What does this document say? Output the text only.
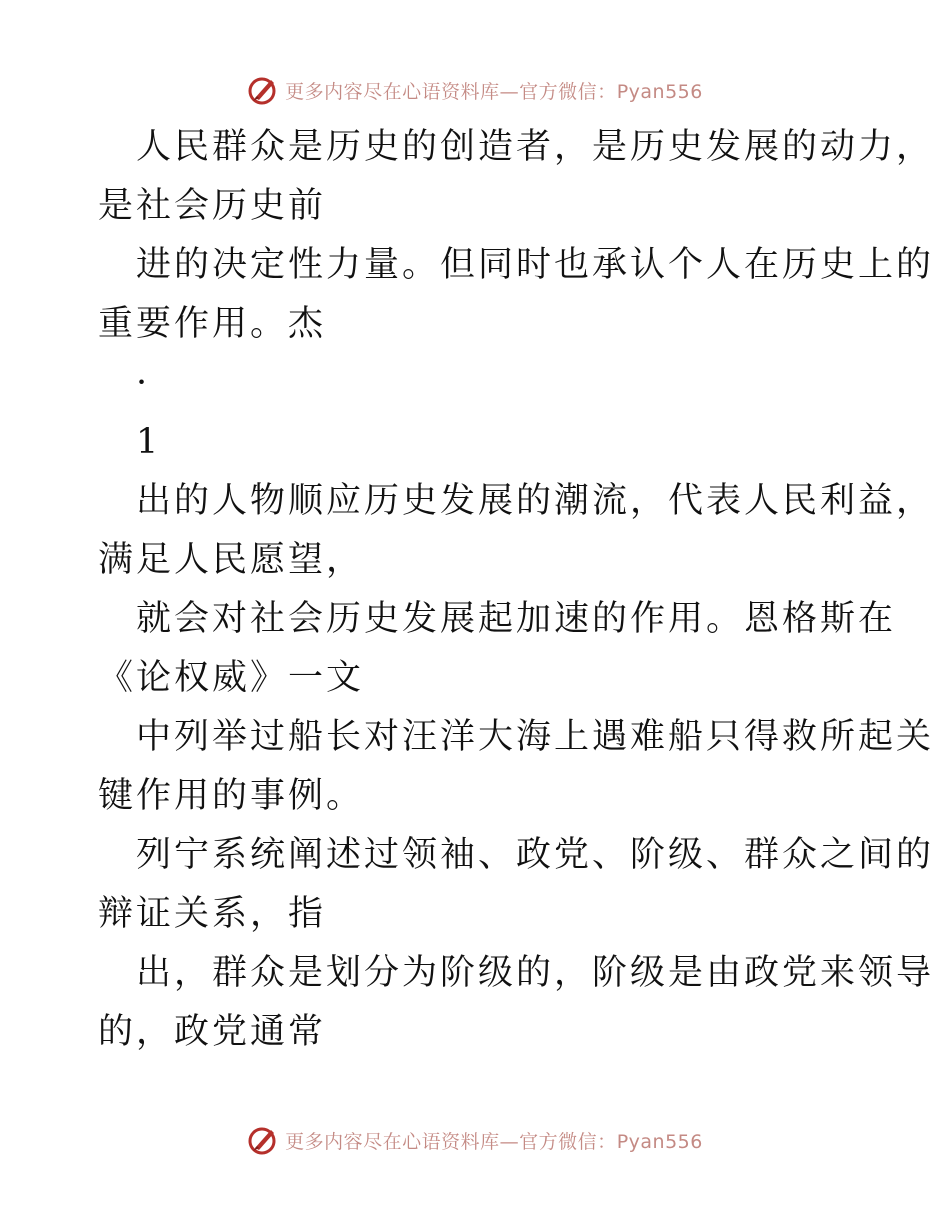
更多内容尽在心语资料库—官方微信：Pyan556
人民群众是历史的创造者，是历史发展的动力，
是社会历史前
进的决定性力量。但同时也承认个人在历史上的
重要作用。杰
·
1
出的人物顺应历史发展的潮流，代表人民利益，
满足人民愿望，
就会对社会历史发展起加速的作用。恩格斯在
《论权威》一文
中列举过船长对汪洋大海上遇难船只得救所起关
键作用的事例。
列宁系统阐述过领袖、政党、阶级、群众之间的
辩证关系，指
出，群众是划分为阶级的，阶级是由政党来领导
的，政党通常
更多内容尽在心语资料库—官方微信：Pyan556
